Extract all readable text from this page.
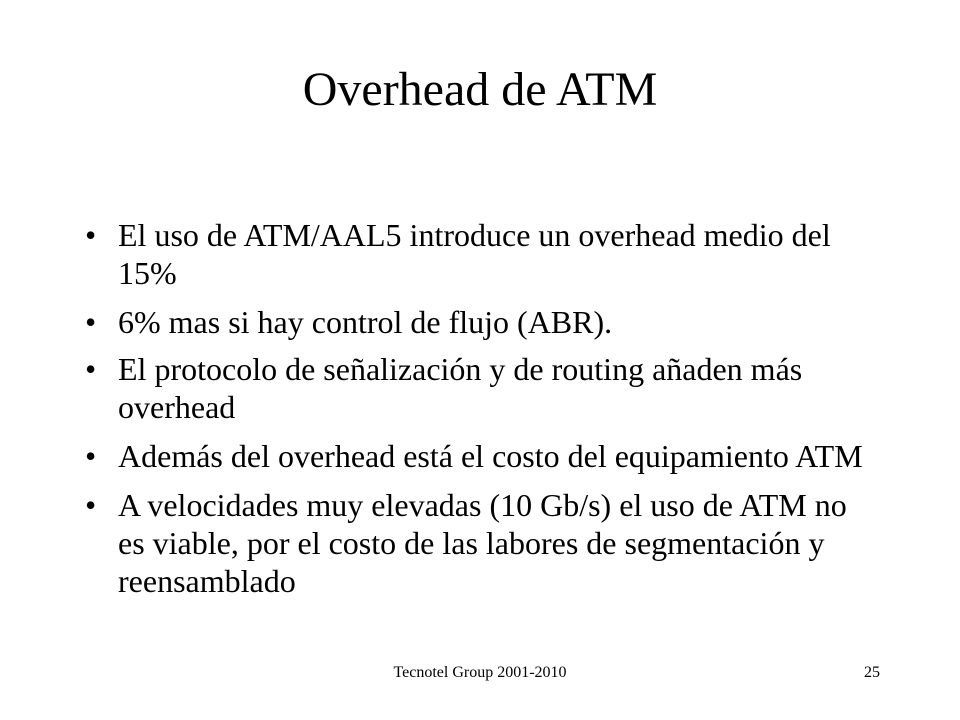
Overhead de ATM
• El uso de ATM/AAL5 introduce un overhead medio del 15%
• 6% mas si hay control de flujo (ABR).
• El protocolo de señalización y de routing añaden más overhead
• Además del overhead está el costo del equipamiento ATM
• A velocidades muy elevadas (10 Gb/s) el uso de ATM no es viable, por el costo de las labores de segmentación y reensamblado
Tecnotel Group 2001-2010	25
